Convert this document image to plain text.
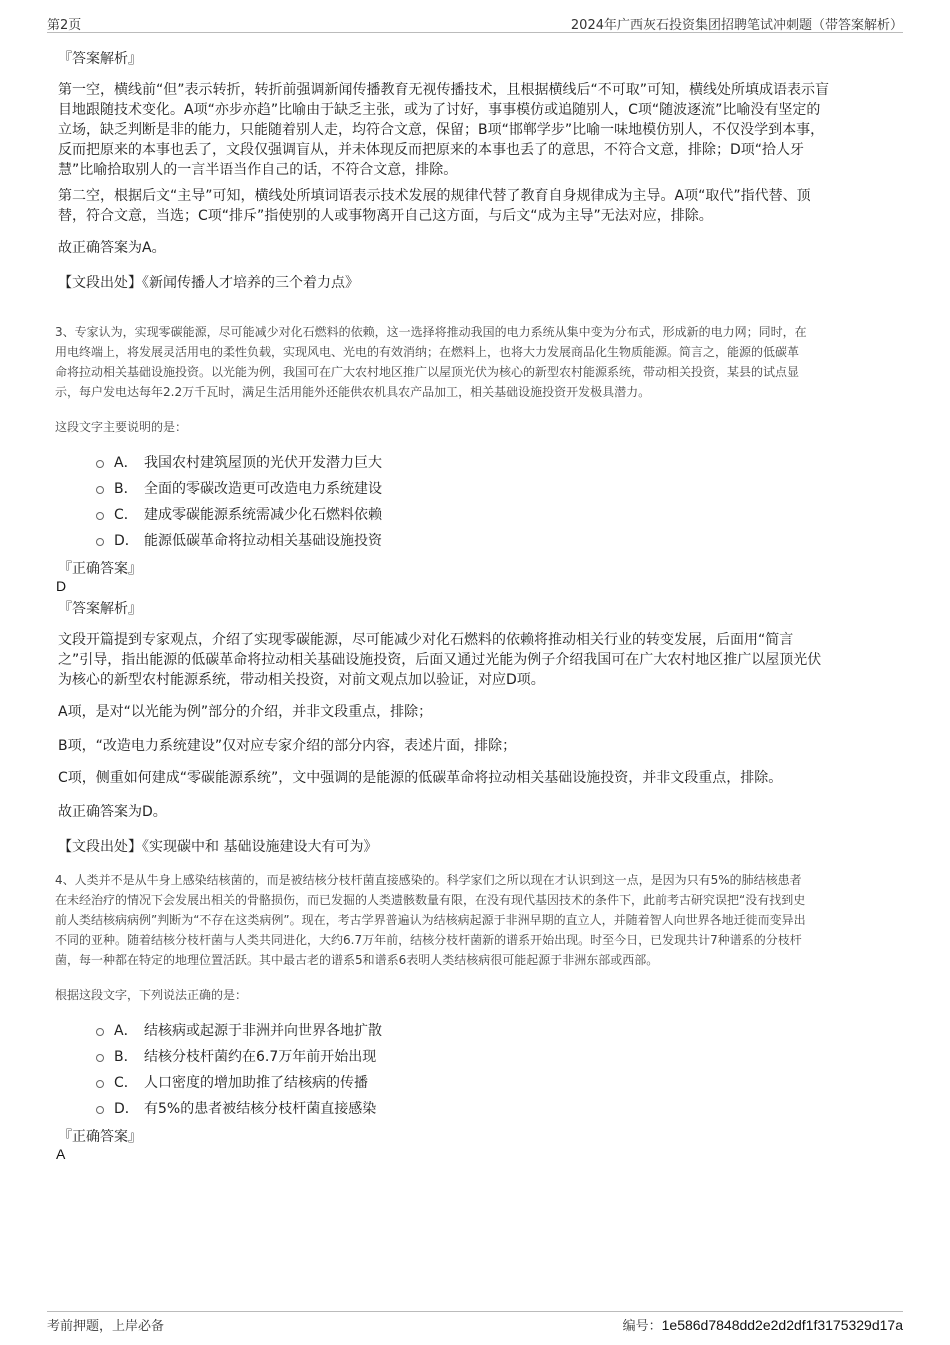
第2页	2024年广西灰石投资集团招聘笔试冲刺题（带答案解析）
『答案解析』
第一空，横线前“但”表示转折，转折前强调新闻传播教育无视传播技术，且根据横线后“不可取”可知，横线处所填成语表示盲
目地跟随技术变化。A项“亦步亦趋”比喻由于缺乏主张，或为了讨好，事事模仿或追随别人，C项“随波逐流”比喻没有坚定的
立场，缺乏判断是非的能力，只能随着别人走，均符合文意，保留；B项“邯郸学步”比喻一味地模仿别人，不仅没学到本事，
反而把原来的本事也丢了，文段仅强调盲从，并未体现反而把原来的本事也丢了的意思，不符合文意，排除；D项“拾人牙
慧”比喻拾取别人的一言半语当作自己的话，不符合文意，排除。
第二空，根据后文“主导”可知，横线处所填词语表示技术发展的规律代替了教育自身规律成为主导。A项“取代”指代替、顶
替，符合文意，当选；C项“排斥”指使别的人或事物离开自己这方面，与后文“成为主导”无法对应，排除。
故正确答案为A。
【文段出处】《新闻传播人才培养的三个着力点》
3、专家认为，实现零碳能源，尽可能减少对化石燃料的依赖，这一选择将推动我国的电力系统从集中变为分布式，形成新的电力网；同时，在
用电终端上，将发展灵活用电的柔性负载，实现风电、光电的有效消纳；在燃料上，也将大力发展商品化生物质能源。简言之，能源的低碳革
命将拉动相关基础设施投资。以光能为例，我国可在广大农村地区推广以屋顶光伏为核心的新型农村能源系统，带动相关投资，某县的试点显
示，每户发电达每年2.2万千瓦时，满足生活用能外还能供农机具农产品加工，相关基础设施投资开发极具潜力。
这段文字主要说明的是：
A． 我国农村建筑屋顶的光伏开发潜力巨大
B． 全面的零碳改造更可改造电力系统建设
C． 建成零碳能源系统需减少化石燃料依赖
D． 能源低碳革命将拉动相关基础设施投资
『正确答案』
D
『答案解析』
文段开篇提到专家观点，介绍了实现零碳能源，尽可能减少对化石燃料的依赖将推动相关行业的转变发展，后面用“简言
之”引导，指出能源的低碳革命将拉动相关基础设施投资，后面又通过光能为例子介绍我国可在广大农村地区推广以屋顶光伏
为核心的新型农村能源系统，带动相关投资，对前文观点加以验证，对应D项。
A项，是对“以光能为例”部分的介绍，并非文段重点，排除；
B项，“改造电力系统建设”仅对应专家介绍的部分内容，表述片面，排除；
C项，侧重如何建成“零碳能源系统”，文中强调的是能源的低碳革命将拉动相关基础设施投资，并非文段重点，排除。
故正确答案为D。
【文段出处】《实现碳中和 基础设施建设大有可为》
4、人类并不是从牛身上感染结核菌的，而是被结核分枝杆菌直接感染的。科学家们之所以现在才认识到这一点，是因为只有5%的肺结核患者
在未经治疗的情况下会发展出相关的骨骼损伤，而已发掘的人类遗骸数量有限，在没有现代基因技术的条件下，此前考古研究误把“没有找到史
前人类结核病病例”判断为“不存在这类病例”。现在，考古学界普遍认为结核病起源于非洲早期的直立人，并随着智人向世界各地迁徙而变异出
不同的亚种。随着结核分枝杆菌与人类共同进化，大约6.7万年前，结核分枝杆菌新的谱系开始出现。时至今日，已发现共计7种谱系的分枝杆
菌，每一种都在特定的地理位置活跃。其中最古老的谱系5和谱系6表明人类结核病很可能起源于非洲东部或西部。
根据这段文字，下列说法正确的是：
A． 结核病或起源于非洲并向世界各地扩散
B． 结核分枝杆菌约在6.7万年前开始出现
C． 人口密度的增加助推了结核病的传播
D． 有5%的患者被结核分枝杆菌直接感染
『正确答案』
A
考前押题，上岸必备	编号：1e586d7848dd2e2d2df1f3175329d17a
